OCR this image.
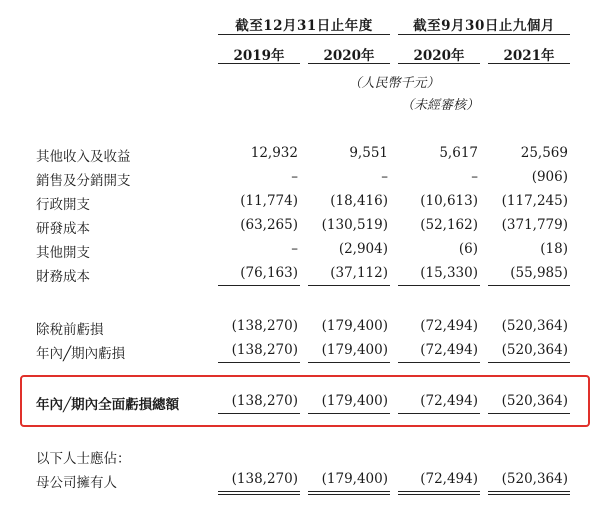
截至12月31日止年度	截至9月30日止九個月
2019年	2020年	2020年	2021年
（人民幣千元）
（未經審核）
其他收入及收益	12,932	9,551	5,617	25,569
銷售及分銷開支	–	–	–	(906)
行政開支	(11,774)	(18,416)	(10,613)	(117,245)
研發成本	(63,265)	(130,519)	(52,162)	(371,779)
其他開支	–	(2,904)	(6)	(18)
財務成本	(76,163)	(37,112)	(15,330)	(55,985)
除稅前虧損	(138,270)	(179,400)	(72,494)	(520,364)
年內╱期內虧損	(138,270)	(179,400)	(72,494)	(520,364)
年內╱期內全面虧損總額	(138,270)	(179,400)	(72,494)	(520,364)
以下人士應佔：
母公司擁有人	(138,270)	(179,400)	(72,494)	(520,364)
